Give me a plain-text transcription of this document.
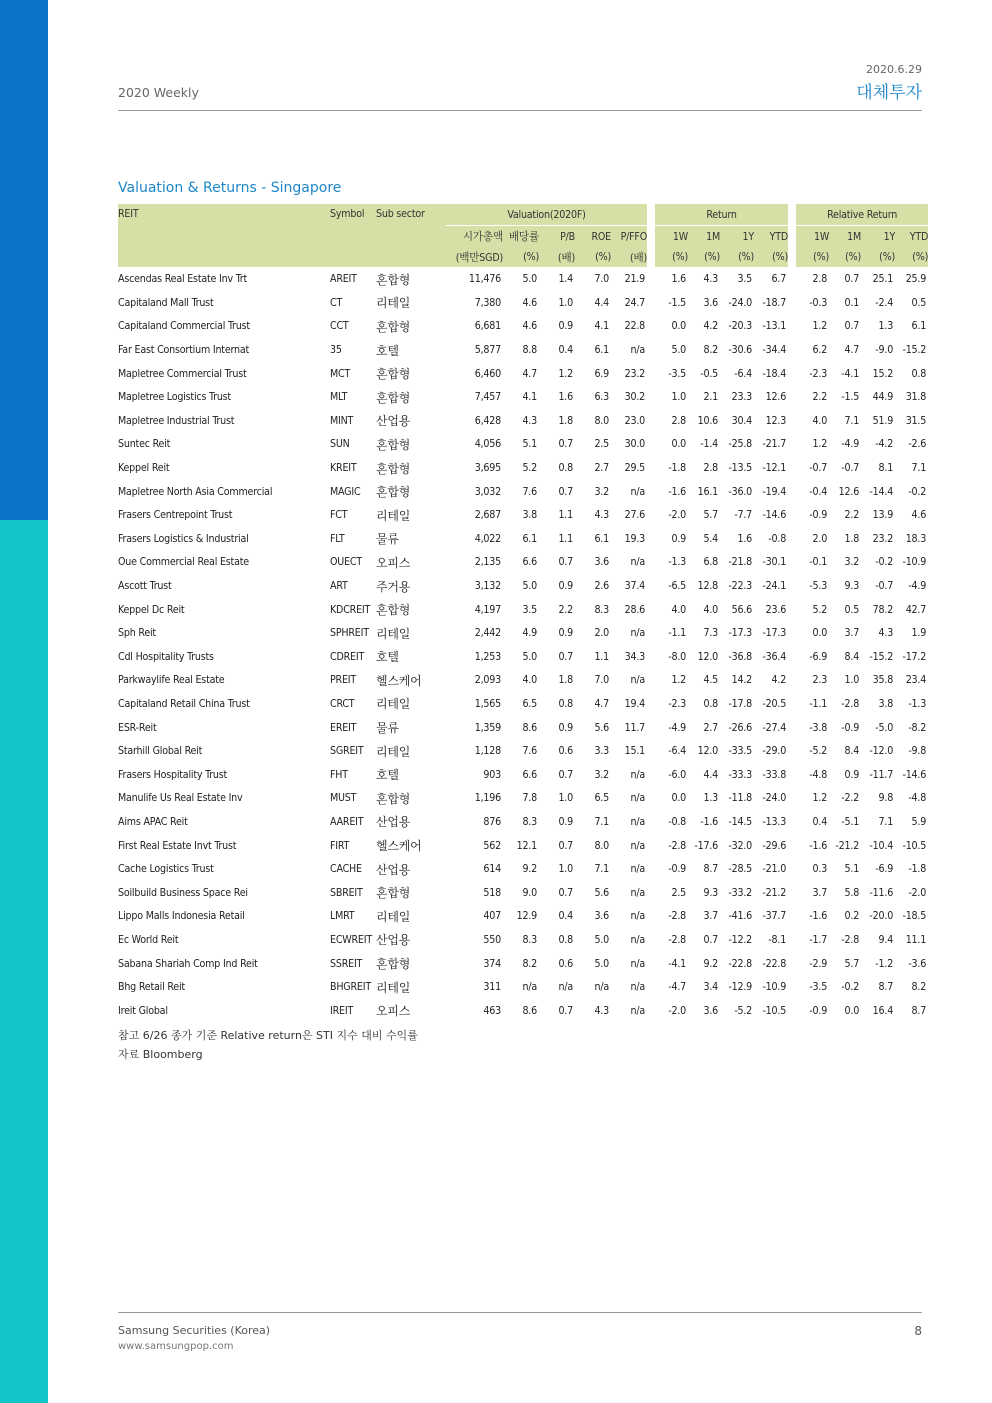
2020 Weekly
2020.6.29
대체투자
Valuation & Returns - Singapore
REIT	Symbol	Sub sector	Valuation(2020F)						Return					Relative Return			
			시가총액	배당률	P/B	ROE	P/FFO		1W	1M	1Y	YTD		1W	1M	1Y	YTD
			(백만SGD)	(%)	(배)	(%)	(배)		(%)	(%)	(%)	(%)		(%)	(%)	(%)	(%)
Ascendas Real Estate Inv Trt	AREIT	혼합형	11,476	5.0	1.4	7.0	21.9		1.6	4.3	3.5	6.7		2.8	0.7	25.1	25.9
Capitaland Mall Trust	CT	리테일	7,380	4.6	1.0	4.4	24.7		-1.5	3.6	-24.0	-18.7		-0.3	0.1	-2.4	0.5
Capitaland Commercial Trust	CCT	혼합형	6,681	4.6	0.9	4.1	22.8		0.0	4.2	-20.3	-13.1		1.2	0.7	1.3	6.1
Far East Consortium Internat	35	호텔	5,877	8.8	0.4	6.1	n/a		5.0	8.2	-30.6	-34.4		6.2	4.7	-9.0	-15.2
Mapletree Commercial Trust	MCT	혼합형	6,460	4.7	1.2	6.9	23.2		-3.5	-0.5	-6.4	-18.4		-2.3	-4.1	15.2	0.8
Mapletree Logistics Trust	MLT	혼합형	7,457	4.1	1.6	6.3	30.2		1.0	2.1	23.3	12.6		2.2	-1.5	44.9	31.8
Mapletree Industrial Trust	MINT	산업용	6,428	4.3	1.8	8.0	23.0		2.8	10.6	30.4	12.3		4.0	7.1	51.9	31.5
Suntec Reit	SUN	혼합형	4,056	5.1	0.7	2.5	30.0		0.0	-1.4	-25.8	-21.7		1.2	-4.9	-4.2	-2.6
Keppel Reit	KREIT	혼합형	3,695	5.2	0.8	2.7	29.5		-1.8	2.8	-13.5	-12.1		-0.7	-0.7	8.1	7.1
Mapletree North Asia Commercial	MAGIC	혼합형	3,032	7.6	0.7	3.2	n/a		-1.6	16.1	-36.0	-19.4		-0.4	12.6	-14.4	-0.2
Frasers Centrepoint Trust	FCT	리테일	2,687	3.8	1.1	4.3	27.6		-2.0	5.7	-7.7	-14.6		-0.9	2.2	13.9	4.6
Frasers Logistics & Industrial	FLT	물류	4,022	6.1	1.1	6.1	19.3		0.9	5.4	1.6	-0.8		2.0	1.8	23.2	18.3
Oue Commercial Real Estate	OUECT	오피스	2,135	6.6	0.7	3.6	n/a		-1.3	6.8	-21.8	-30.1		-0.1	3.2	-0.2	-10.9
Ascott Trust	ART	주거용	3,132	5.0	0.9	2.6	37.4		-6.5	12.8	-22.3	-24.1		-5.3	9.3	-0.7	-4.9
Keppel Dc Reit	KDCREIT	혼합형	4,197	3.5	2.2	8.3	28.6		4.0	4.0	56.6	23.6		5.2	0.5	78.2	42.7
Sph Reit	SPHREIT	리테일	2,442	4.9	0.9	2.0	n/a		-1.1	7.3	-17.3	-17.3		0.0	3.7	4.3	1.9
Cdl Hospitality Trusts	CDREIT	호텔	1,253	5.0	0.7	1.1	34.3		-8.0	12.0	-36.8	-36.4		-6.9	8.4	-15.2	-17.2
Parkwaylife Real Estate	PREIT	헬스케어	2,093	4.0	1.8	7.0	n/a		1.2	4.5	14.2	4.2		2.3	1.0	35.8	23.4
Capitaland Retail China Trust	CRCT	리테일	1,565	6.5	0.8	4.7	19.4		-2.3	0.8	-17.8	-20.5		-1.1	-2.8	3.8	-1.3
ESR-Reit	EREIT	물류	1,359	8.6	0.9	5.6	11.7		-4.9	2.7	-26.6	-27.4		-3.8	-0.9	-5.0	-8.2
Starhill Global Reit	SGREIT	리테일	1,128	7.6	0.6	3.3	15.1		-6.4	12.0	-33.5	-29.0		-5.2	8.4	-12.0	-9.8
Frasers Hospitality Trust	FHT	호텔	903	6.6	0.7	3.2	n/a		-6.0	4.4	-33.3	-33.8		-4.8	0.9	-11.7	-14.6
Manulife Us Real Estate Inv	MUST	혼합형	1,196	7.8	1.0	6.5	n/a		0.0	1.3	-11.8	-24.0		1.2	-2.2	9.8	-4.8
Aims APAC Reit	AAREIT	산업용	876	8.3	0.9	7.1	n/a		-0.8	-1.6	-14.5	-13.3		0.4	-5.1	7.1	5.9
First Real Estate Invt Trust	FIRT	헬스케어	562	12.1	0.7	8.0	n/a		-2.8	-17.6	-32.0	-29.6		-1.6	-21.2	-10.4	-10.5
Cache Logistics Trust	CACHE	산업용	614	9.2	1.0	7.1	n/a		-0.9	8.7	-28.5	-21.0		0.3	5.1	-6.9	-1.8
Soilbuild Business Space Rei	SBREIT	혼합형	518	9.0	0.7	5.6	n/a		2.5	9.3	-33.2	-21.2		3.7	5.8	-11.6	-2.0
Lippo Malls Indonesia Retail	LMRT	리테일	407	12.9	0.4	3.6	n/a		-2.8	3.7	-41.6	-37.7		-1.6	0.2	-20.0	-18.5
Ec World Reit	ECWREIT	산업용	550	8.3	0.8	5.0	n/a		-2.8	0.7	-12.2	-8.1		-1.7	-2.8	9.4	11.1
Sabana Shariah Comp Ind Reit	SSREIT	혼합형	374	8.2	0.6	5.0	n/a		-4.1	9.2	-22.8	-22.8		-2.9	5.7	-1.2	-3.6
Bhg Retail Reit	BHGREIT	리테일	311	n/a	n/a	n/a	n/a		-4.7	3.4	-12.9	-10.9		-3.5	-0.2	8.7	8.2
Ireit Global	IREIT	오피스	463	8.6	0.7	4.3	n/a		-2.0	3.6	-5.2	-10.5		-0.9	0.0	16.4	8.7
참고 6/26 종가 기준 Relative return은 STI 지수 대비 수익률
자료 Bloomberg
Samsung Securities (Korea)
www.samsungpop.com
8
